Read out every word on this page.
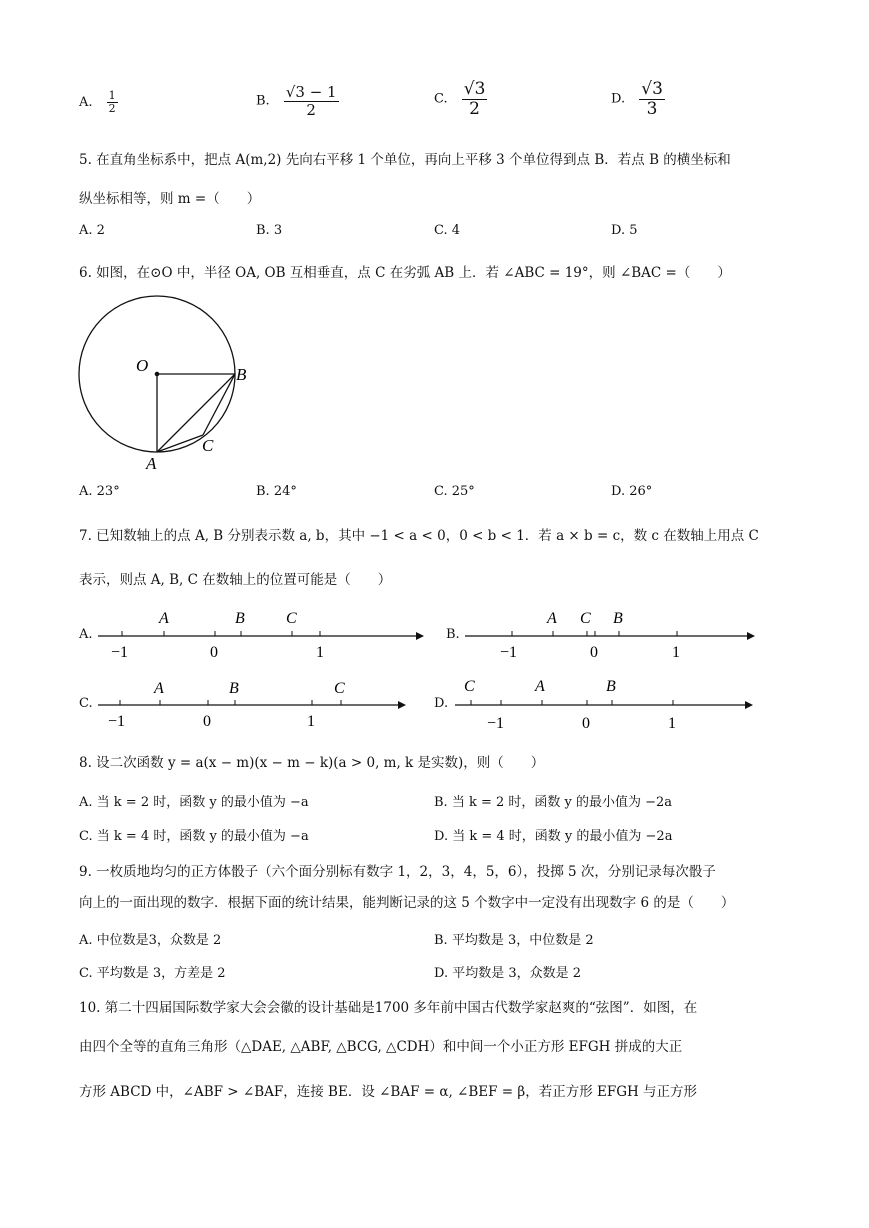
A. $\frac{1}{2}$	B. $\frac{√3 - 1}{2}$	C. $\frac{√3}{2}$	D. $\frac{√3}{3}$
5. 在直角坐标系中，把点 A(m,2) 先向右平移 1 个单位，再向上平移 3 个单位得到点 B．若点 B 的横坐标和
纵坐标相等，则 m =（　　）
A. 2	B. 3	C. 4	D. 5
6. 如图，在⊙O 中，半径 OA, OB 互相垂直，点 C 在劣弧 AB 上．若 ∠ABC = 19°，则 ∠BAC =（　　）
O	B
A
C
A. 23°	B. 24°	C. 25°	D. 26°
7. 已知数轴上的点 A, B 分别表示数 a, b，其中 −1 < a < 0，0 < b < 1．若 a × b = c，数 c 在数轴上用点 C
表示，则点 A, B, C 在数轴上的位置可能是（　　）
A.
A	B	C
−1	0	1
B.
A C B
−1	0	1
C.
A	B	C
−1	0	1
D.
C	A	B
−1	0	1
8. 设二次函数 y = a(x − m)(x − m − k)(a > 0, m, k 是实数)，则（　　）
A. 当 k = 2 时，函数 y 的最小值为 −a	B. 当 k = 2 时，函数 y 的最小值为 −2a
C. 当 k = 4 时，函数 y 的最小值为 −a	D. 当 k = 4 时，函数 y 的最小值为 −2a
9. 一枚质地均匀的正方体骰子（六个面分别标有数字 1，2，3，4，5，6），投掷 5 次，分别记录每次骰子
向上的一面出现的数字．根据下面的统计结果，能判断记录的这 5 个数字中一定没有出现数字 6 的是（　　）
A. 中位数是3，众数是 2	B. 平均数是 3，中位数是 2
C. 平均数是 3，方差是 2	D. 平均数是 3，众数是 2
10. 第二十四届国际数学家大会会徽的设计基础是1700 多年前中国古代数学家赵爽的“弦图”．如图，在
由四个全等的直角三角形（△DAE, △ABF, △BCG, △CDH）和中间一个小正方形 EFGH 拼成的大正
方形 ABCD 中，∠ABF > ∠BAF，连接 BE．设 ∠BAF = α, ∠BEF = β，若正方形 EFGH 与正方形
